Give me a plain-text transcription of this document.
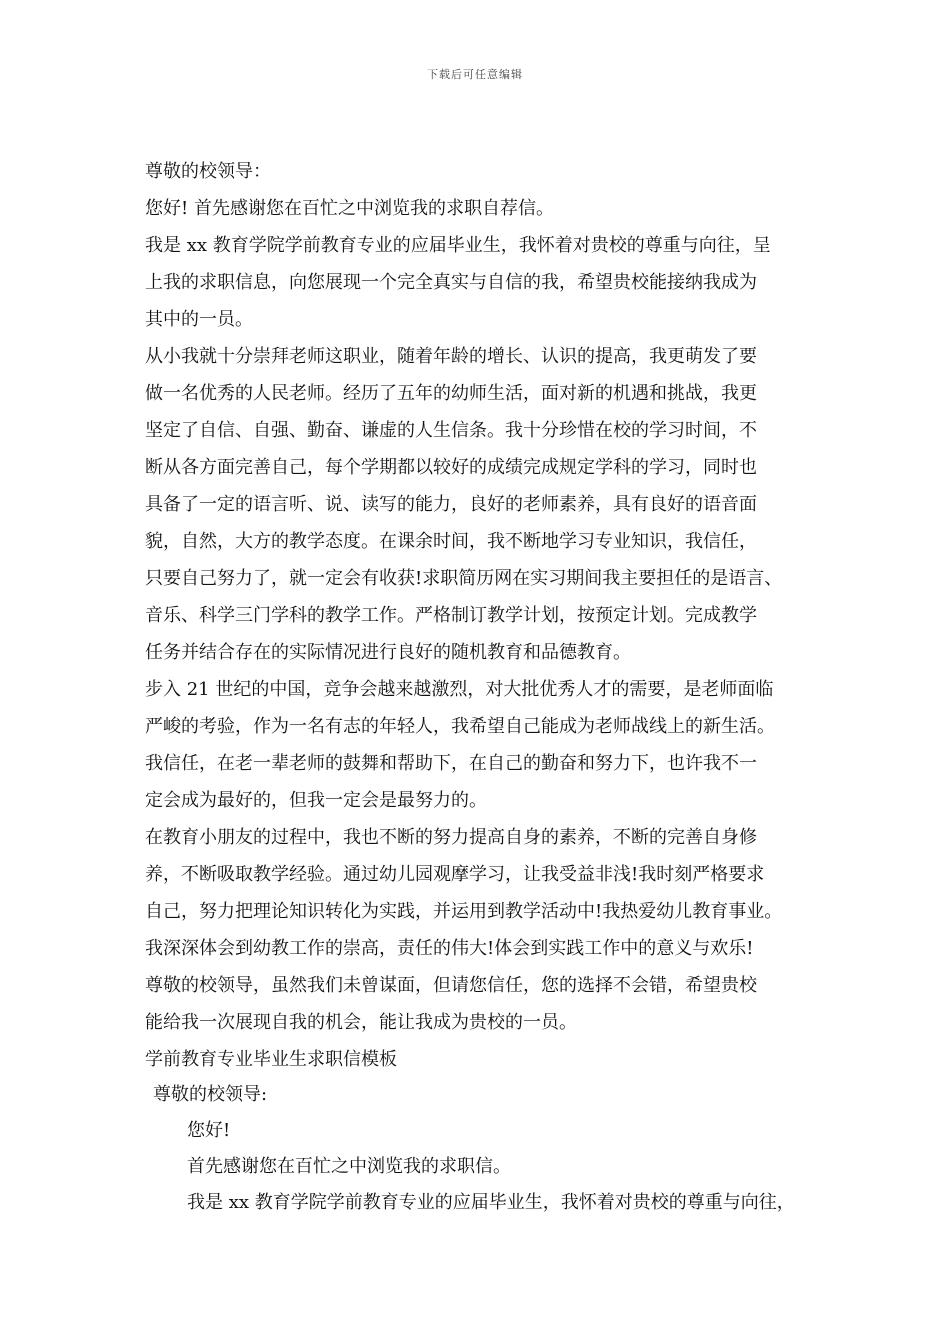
下载后可任意编辑
尊敬的校领导：
您好! 首先感谢您在百忙之中浏览我的求职自荐信。
我是 xx 教育学院学前教育专业的应届毕业生，我怀着对贵校的尊重与向往，呈
上我的求职信息，向您展现一个完全真实与自信的我，希望贵校能接纳我成为
其中的一员。
从小我就十分崇拜老师这职业，随着年龄的增长、认识的提高，我更萌发了要
做一名优秀的人民老师。经历了五年的幼师生活，面对新的机遇和挑战，我更
坚定了自信、自强、勤奋、谦虚的人生信条。我十分珍惜在校的学习时间，不
断从各方面完善自己，每个学期都以较好的成绩完成规定学科的学习，同时也
具备了一定的语言听、说、读写的能力，良好的老师素养，具有良好的语音面
貌，自然，大方的教学态度。在课余时间，我不断地学习专业知识，我信任，
只要自己努力了，就一定会有收获!求职简历网在实习期间我主要担任的是语言、
音乐、科学三门学科的教学工作。严格制订教学计划，按预定计划。完成教学
任务并结合存在的实际情况进行良好的随机教育和品德教育。
步入 21 世纪的中国，竞争会越来越激烈，对大批优秀人才的需要，是老师面临
严峻的考验，作为一名有志的年轻人，我希望自己能成为老师战线上的新生活。
我信任，在老一辈老师的鼓舞和帮助下，在自己的勤奋和努力下，也许我不一
定会成为最好的，但我一定会是最努力的。
在教育小朋友的过程中，我也不断的努力提高自身的素养，不断的完善自身修
养，不断吸取教学经验。通过幼儿园观摩学习，让我受益非浅!我时刻严格要求
自己，努力把理论知识转化为实践，并运用到教学活动中!我热爱幼儿教育事业。
我深深体会到幼教工作的崇高，责任的伟大!体会到实践工作中的意义与欢乐!
尊敬的校领导，虽然我们未曾谋面，但请您信任，您的选择不会错，希望贵校
能给我一次展现自我的机会，能让我成为贵校的一员。
学前教育专业毕业生求职信模板
尊敬的校领导:
您好!
首先感谢您在百忙之中浏览我的求职信。
我是 xx 教育学院学前教育专业的应届毕业生，我怀着对贵校的尊重与向往，
